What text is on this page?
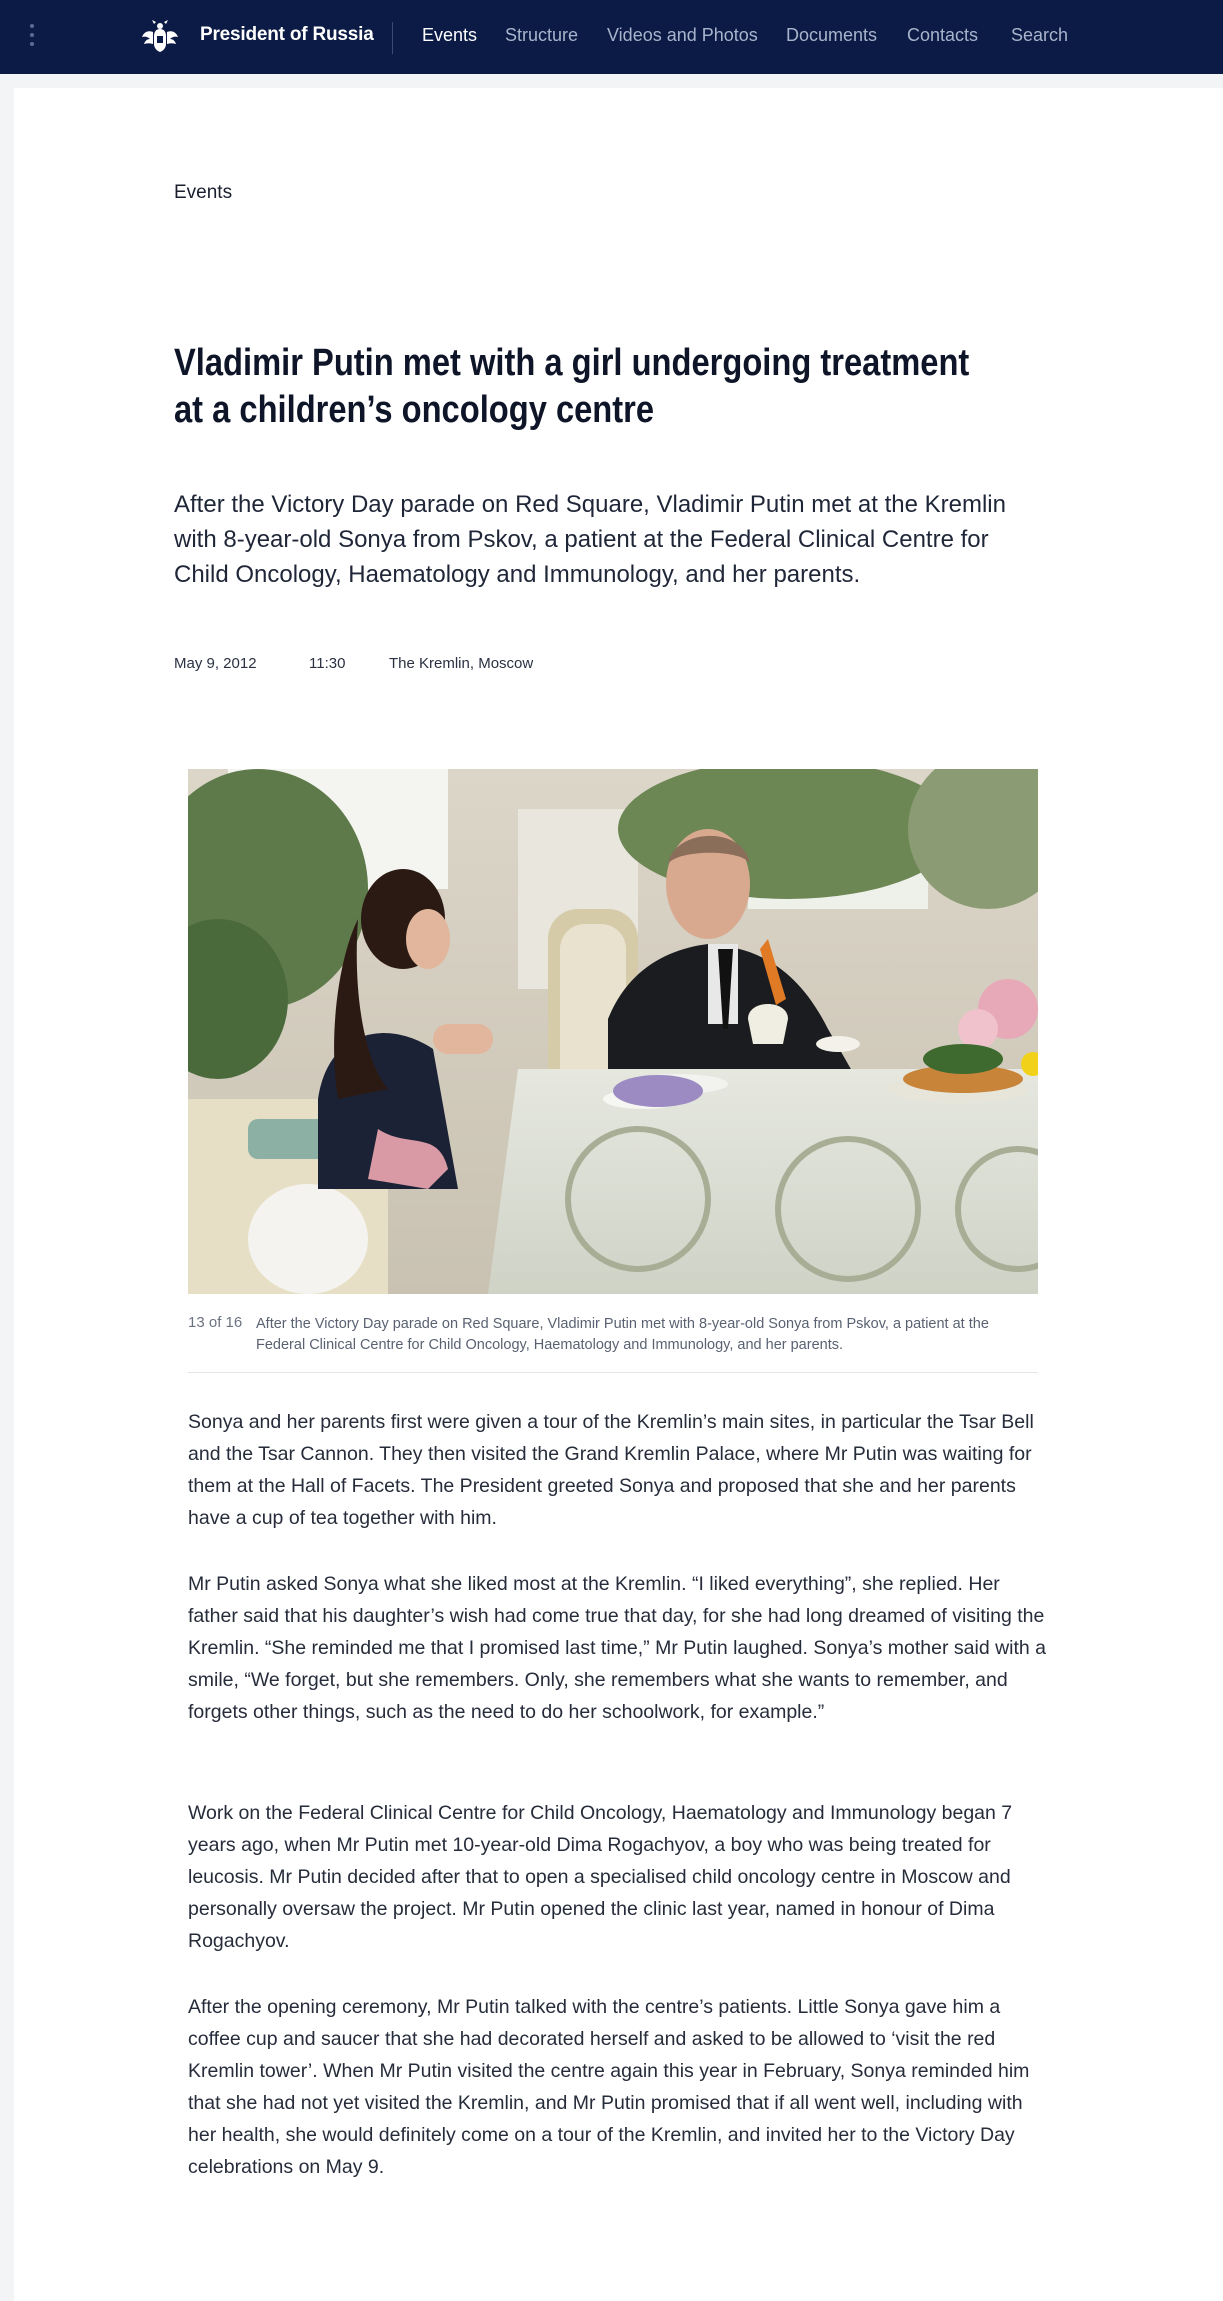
President of Russia	Events Structure Videos and Photos Documents Contacts Search
Events
Vladimir Putin met with a girl undergoing treatment at a children’s oncology centre
After the Victory Day parade on Red Square, Vladimir Putin met at the Kremlin with 8-year-old Sonya from Pskov, a patient at the Federal Clinical Centre for Child Oncology, Haematology and Immunology, and her parents.
May 9, 2012	11:30	The Kremlin, Moscow
13 of 16 After the Victory Day parade on Red Square, Vladimir Putin met with 8-year-old Sonya from Pskov, a patient at the Federal Clinical Centre for Child Oncology, Haematology and Immunology, and her parents.
Sonya and her parents first were given a tour of the Kremlin’s main sites, in particular the Tsar Bell and the Tsar Cannon. They then visited the Grand Kremlin Palace, where Mr Putin was waiting for them at the Hall of Facets. The President greeted Sonya and proposed that she and her parents have a cup of tea together with him.
Mr Putin asked Sonya what she liked most at the Kremlin. “I liked everything”, she replied. Her father said that his daughter’s wish had come true that day, for she had long dreamed of visiting the Kremlin. “She reminded me that I promised last time,” Mr Putin laughed. Sonya’s mother said with a smile, “We forget, but she remembers. Only, she remembers what she wants to remember, and forgets other things, such as the need to do her schoolwork, for example.”
Work on the Federal Clinical Centre for Child Oncology, Haematology and Immunology began 7 years ago, when Mr Putin met 10-year-old Dima Rogachyov, a boy who was being treated for leucosis. Mr Putin decided after that to open a specialised child oncology centre in Moscow and personally oversaw the project. Mr Putin opened the clinic last year, named in honour of Dima Rogachyov.
After the opening ceremony, Mr Putin talked with the centre’s patients. Little Sonya gave him a coffee cup and saucer that she had decorated herself and asked to be allowed to ‘visit the red Kremlin tower’. When Mr Putin visited the centre again this year in February, Sonya reminded him that she had not yet visited the Kremlin, and Mr Putin promised that if all went well, including with her health, she would definitely come on a tour of the Kremlin, and invited her to the Victory Day celebrations on May 9.
